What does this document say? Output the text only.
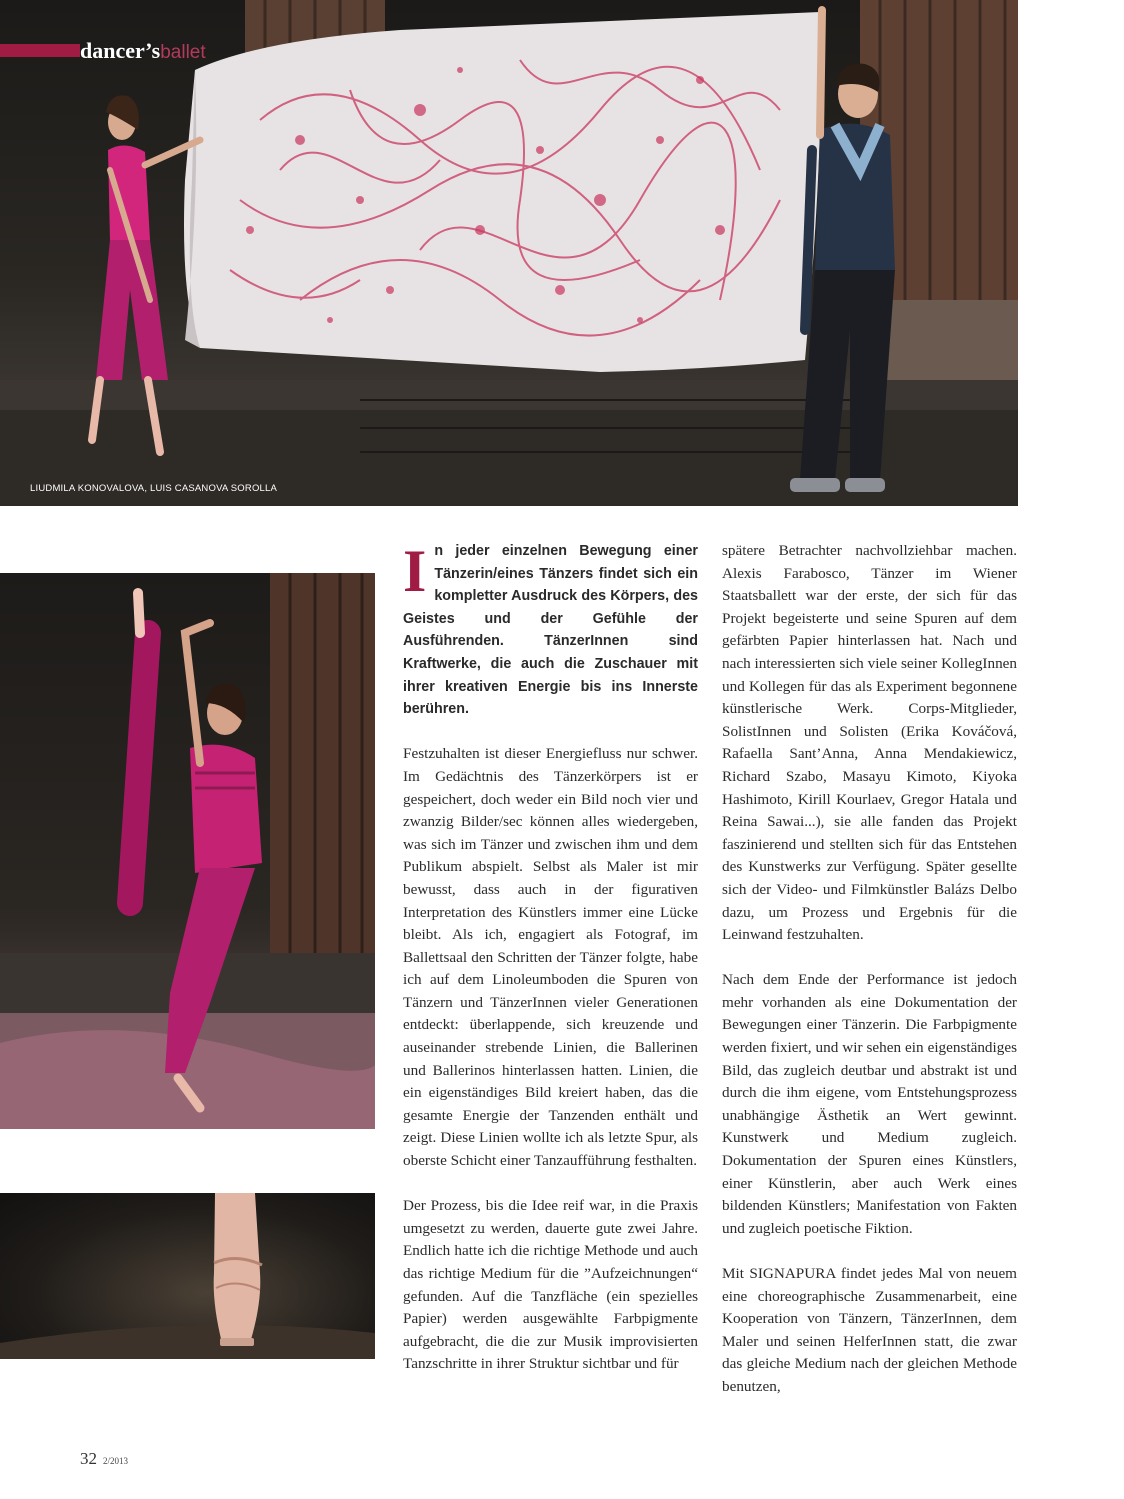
dancer’sballet
LIUDMILA KONOVALOVA, LUIS CASANOVA SOROLLA

In jeder einzelnen Bewegung einer Tänzerin/eines Tänzers findet sich ein kompletter Ausdruck des Körpers, des Geistes und der Gefühle der Ausführenden. TänzerInnen sind Kraftwerke, die auch die Zuschauer mit ihrer kreativen Energie bis ins Innerste berühren.

Festzuhalten ist dieser Energiefluss nur schwer. Im Gedächtnis des Tänzerkörpers ist er gespeichert, doch weder ein Bild noch vier und zwanzig Bilder/sec können alles wiedergeben, was sich im Tänzer und zwischen ihm und dem Publikum abspielt. Selbst als Maler ist mir bewusst, dass auch in der figurativen Interpretation des Künstlers immer eine Lücke bleibt. Als ich, engagiert als Fotograf, im Ballettsaal den Schritten der Tänzer folgte, habe ich auf dem Linoleumboden die Spuren von Tänzern und TänzerInnen vieler Generationen entdeckt: überlappende, sich kreuzende und auseinander strebende Linien, die Ballerinen und Ballerinos hinterlassen hatten. Linien, die ein eigenständiges Bild kreiert haben, das die gesamte Energie der Tanzenden enthält und zeigt. Diese Linien wollte ich als letzte Spur, als oberste Schicht einer Tanzaufführung festhalten.

Der Prozess, bis die Idee reif war, in die Praxis umgesetzt zu werden, dauerte gute zwei Jahre. Endlich hatte ich die richtige Methode und auch das richtige Medium für die ”Aufzeichnungen“ gefunden. Auf die Tanzfläche (ein spezielles Papier) werden ausgewählte Farbpigmente aufgebracht, die die zur Musik improvisierten Tanzschritte in ihrer Struktur sichtbar und für

spätere Betrachter nachvollziehbar machen. Alexis Farabosco, Tänzer im Wiener Staatsballett war der erste, der sich für das Projekt begeisterte und seine Spuren auf dem gefärbten Papier hinterlassen hat. Nach und nach interessierten sich viele seiner KollegInnen und Kollegen für das als Experiment begonnene künstlerische Werk. Corps-Mitglieder, SolistInnen und Solisten (Erika Kováčová, Rafaella Sant’Anna, Anna Mendakiewicz, Richard Szabo, Masayu Kimoto, Kiyoka Hashimoto, Kirill Kourlaev, Gregor Hatala und Reina Sawai...), sie alle fanden das Projekt faszinierend und stellten sich für das Entstehen des Kunstwerks zur Verfügung. Später gesellte sich der Video- und Filmkünstler Balázs Delbo dazu, um Prozess und Ergebnis für die Leinwand festzuhalten.

Nach dem Ende der Performance ist jedoch mehr vorhanden als eine Dokumentation der Bewegungen einer Tänzerin. Die Farbpigmente werden fixiert, und wir sehen ein eigenständiges Bild, das zugleich deutbar und abstrakt ist und durch die ihm eigene, vom Entstehungsprozess unabhängige Ästhetik an Wert gewinnt. Kunstwerk und Medium zugleich. Dokumentation der Spuren eines Künstlers, einer Künstlerin, aber auch Werk eines bildenden Künstlers; Manifestation von Fakten und zugleich poetische Fiktion.

Mit SIGNAPURA findet jedes Mal von neuem eine choreographische Zusammenarbeit, eine Kooperation von Tänzern, TänzerInnen, dem Maler und seinen HelferInnen statt, die zwar das gleiche Medium nach der gleichen Methode benutzen,

32 2/2013
